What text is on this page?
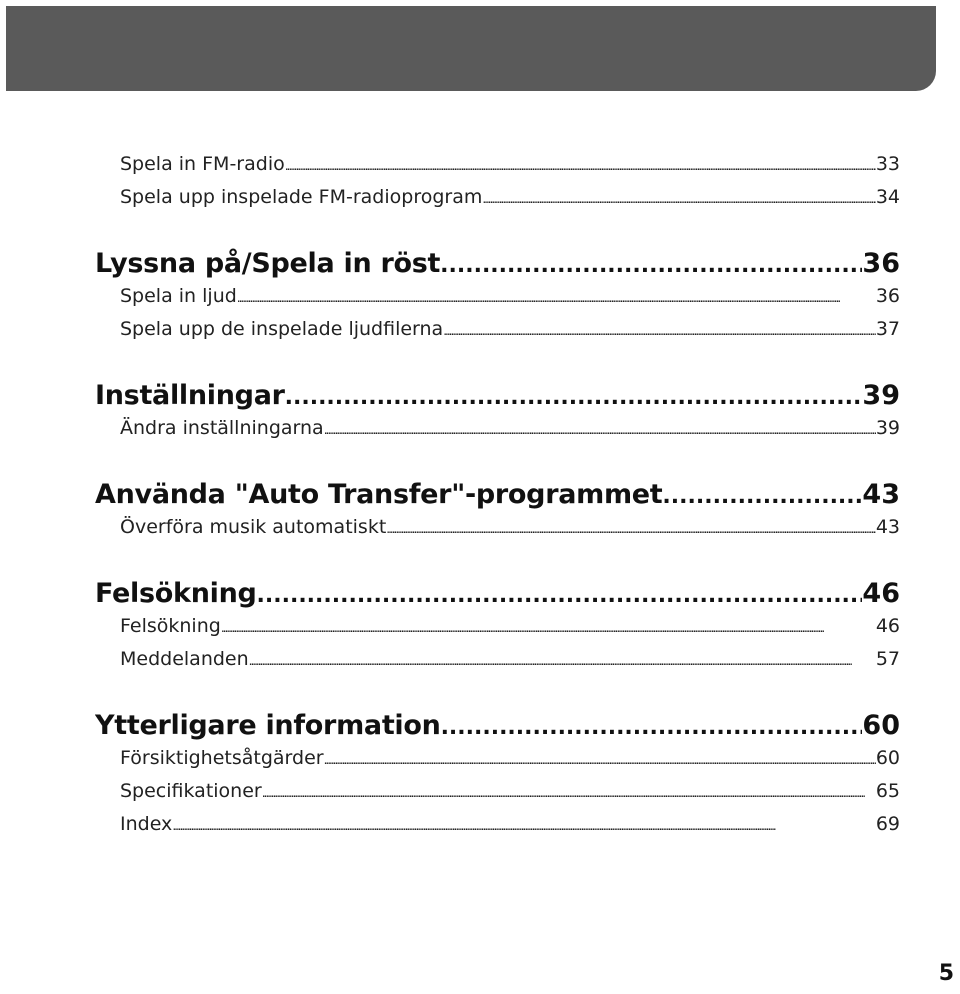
Spela in FM-radio .....	33
Spela upp inspelade FM-radioprogram .....	34
Lyssna på/Spela in röst .....	36
Spela in ljud .....	36
Spela upp de inspelade ljudfilerna .....	37
Inställningar .....	39
Ändra inställningarna .....	39
Använda "Auto Transfer"-programmet .....	43
Överföra musik automatiskt .....	43
Felsökning .....	46
Felsökning .....	46
Meddelanden .....	57
Ytterligare information .....	60
Försiktighetsåtgärder .....	60
Specifikationer .....	65
Index .....	69
5
